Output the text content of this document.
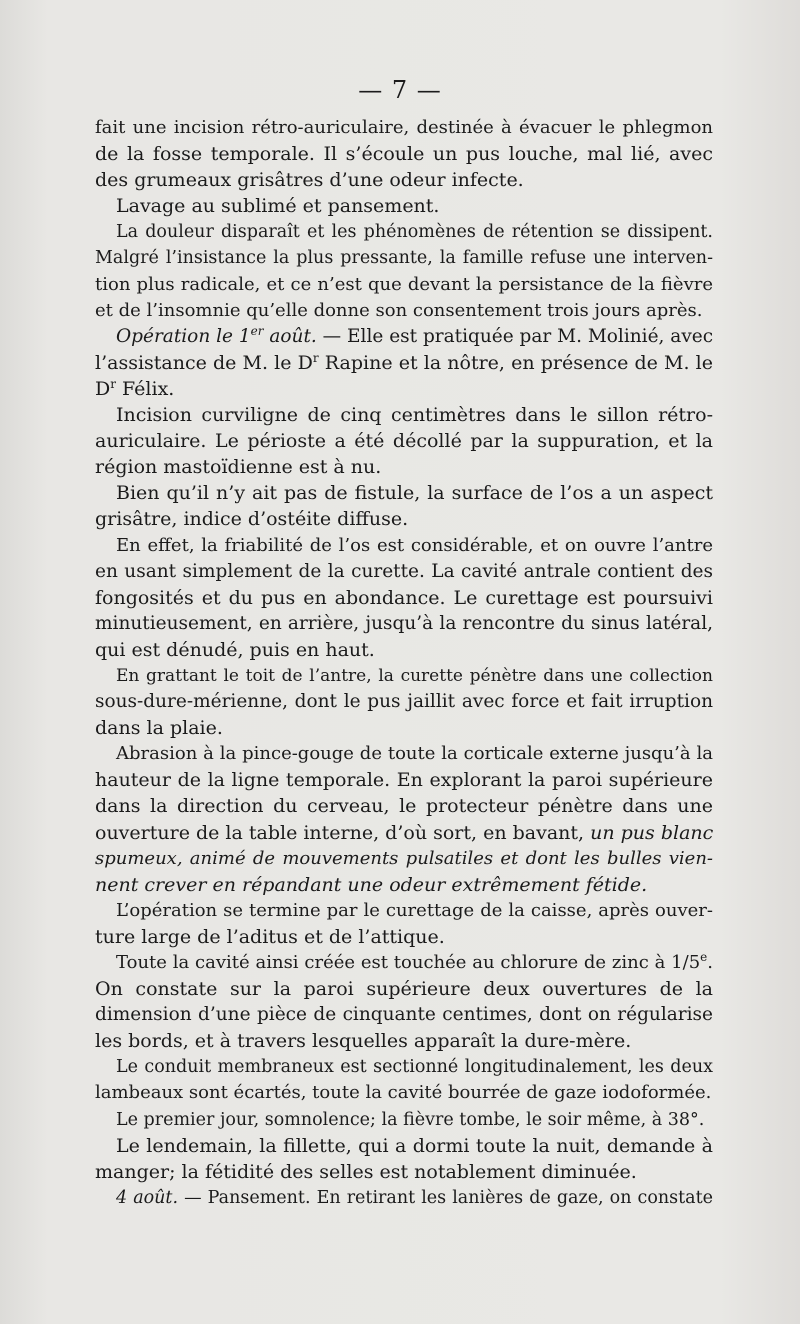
— 7 —
fait une incision rétro-auriculaire, destinée à évacuer le phlegmon
de la fosse temporale. Il s’écoule un pus louche, mal lié, avec
des grumeaux grisâtres d’une odeur infecte.
Lavage au sublimé et pansement.
La douleur disparaît et les phénomènes de rétention se dissipent.
Malgré l’insistance la plus pressante, la famille refuse une interven-
tion plus radicale, et ce n’est que devant la persistance de la fièvre
et de l’insomnie qu’elle donne son consentement trois jours après.
Opération le 1er août. — Elle est pratiquée par M. Molinié, avec
l’assistance de M. le $D^r$ Rapine et la nôtre, en présence de M. le
$D^r$ Félix.
Incision curviligne de cinq centimètres dans le sillon rétro-
auriculaire. Le périoste a été décollé par la suppuration, et la
région mastoïdienne est à nu.
Bien qu’il n’y ait pas de fistule, la surface de l’os a un aspect
grisâtre, indice d’ostéite diffuse.
En effet, la friabilité de l’os est considérable, et on ouvre l’antre
en usant simplement de la curette. La cavité antrale contient des
fongosités et du pus en abondance. Le curettage est poursuivi
minutieusement, en arrière, jusqu’à la rencontre du sinus latéral,
qui est dénudé, puis en haut.
En grattant le toit de l’antre, la curette pénètre dans une collection
sous-dure-mérienne, dont le pus jaillit avec force et fait irruption
dans la plaie.
Abrasion à la pince-gouge de toute la corticale externe jusqu’à la
hauteur de la ligne temporale. En explorant la paroi supérieure
dans la direction du cerveau, le protecteur pénètre dans une
ouverture de la table interne, d’où sort, en bavant, un pus blanc
spumeux, animé de mouvements pulsatiles et dont les bulles vien-
nent crever en répandant une odeur extrêmement fétide.
L’opération se termine par le curettage de la caisse, après ouver-
ture large de l’aditus et de l’attique.
Toute la cavité ainsi créée est touchée au chlorure de zinc à 1/5e.
On constate sur la paroi supérieure deux ouvertures de la
dimension d’une pièce de cinquante centimes, dont on régularise
les bords, et à travers lesquelles apparaît la dure-mère.
Le conduit membraneux est sectionné longitudinalement, les deux
lambeaux sont écartés, toute la cavité bourrée de gaze iodoformée.
Le premier jour, somnolence; la fièvre tombe, le soir même, à 38°.
Le lendemain, la fillette, qui a dormi toute la nuit, demande à
manger; la fétidité des selles est notablement diminuée.
4 août. — Pansement. En retirant les lanières de gaze, on constate
